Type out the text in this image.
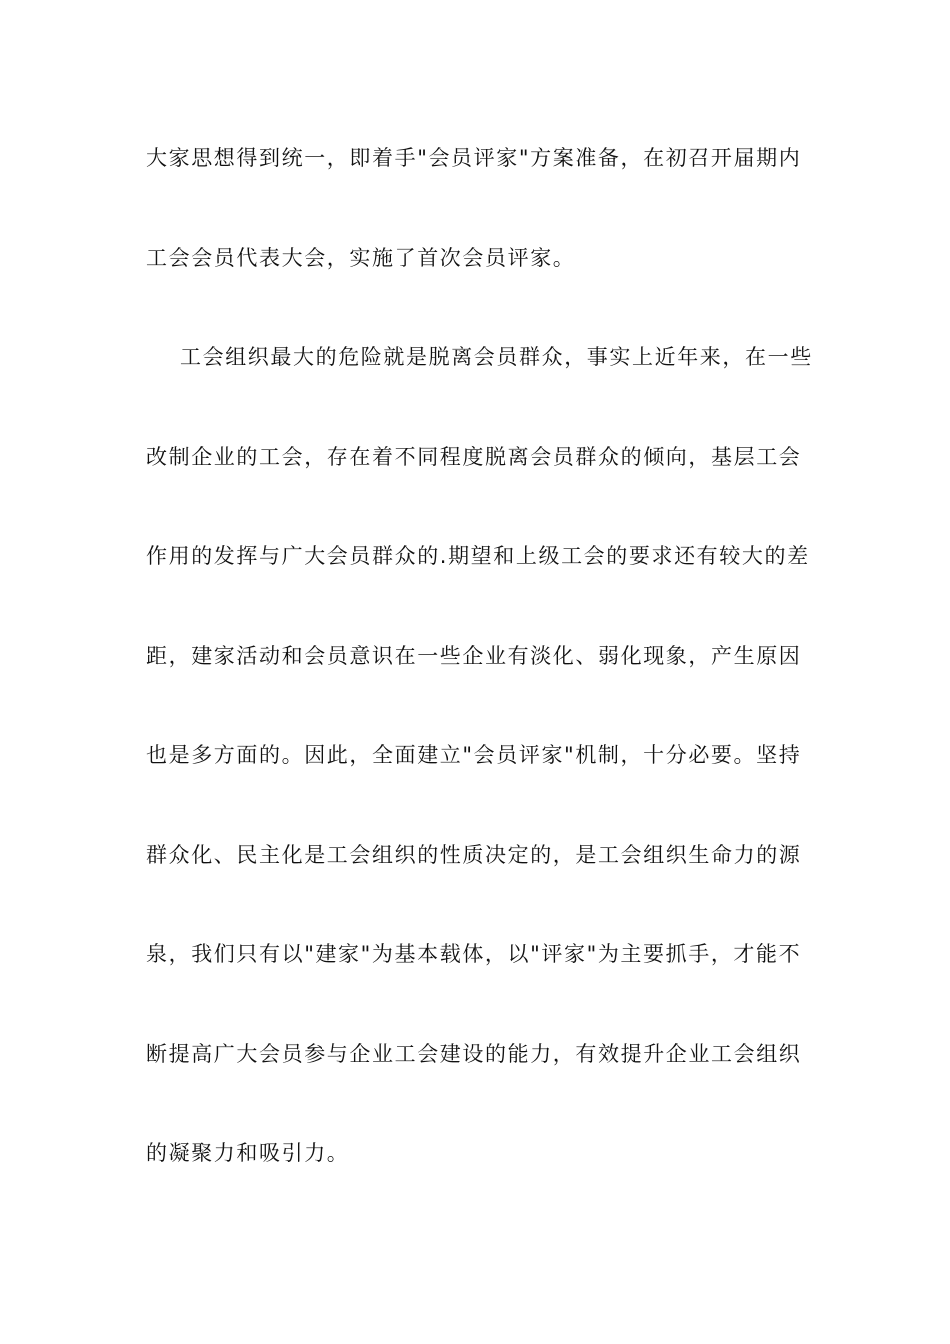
大家思想得到统一，即着手"会员评家"方案准备，在初召开届期内
工会会员代表大会，实施了首次会员评家。
工会组织最大的危险就是脱离会员群众，事实上近年来，在一些
改制企业的工会，存在着不同程度脱离会员群众的倾向，基层工会
作用的发挥与广大会员群众的.期望和上级工会的要求还有较大的差
距，建家活动和会员意识在一些企业有淡化、弱化现象，产生原因
也是多方面的。因此，全面建立"会员评家"机制，十分必要。坚持
群众化、民主化是工会组织的性质决定的，是工会组织生命力的源
泉，我们只有以"建家"为基本载体，以"评家"为主要抓手，才能不
断提高广大会员参与企业工会建设的能力，有效提升企业工会组织
的凝聚力和吸引力。
